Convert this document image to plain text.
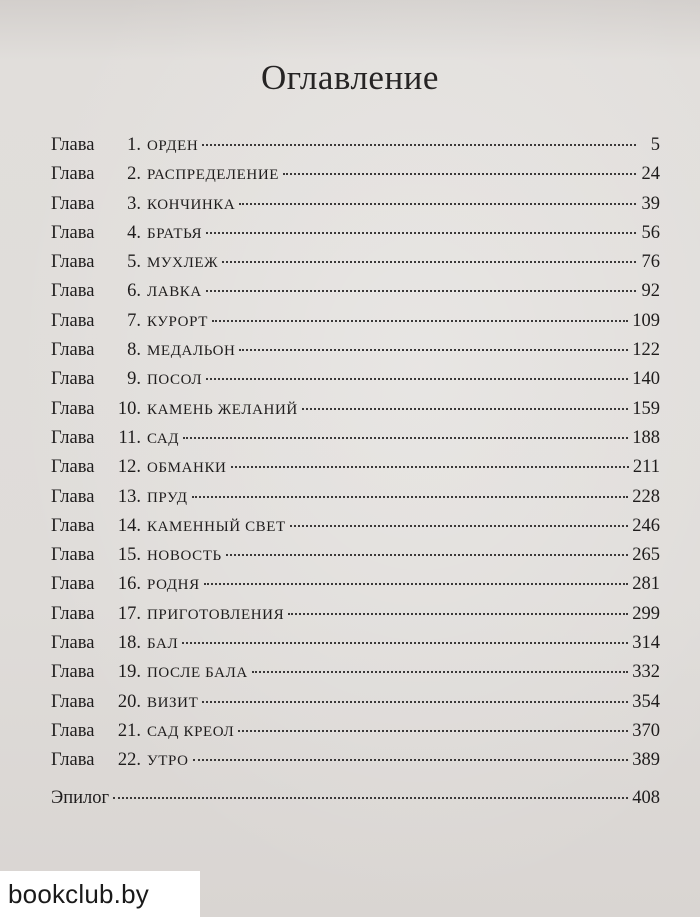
Оглавление
Глава	1. ОРДЕН	5
Глава	2. РАСПРЕДЕЛЕНИЕ	24
Глава	3. КОНЧИНКА	39
Глава	4. БРАТЬЯ	56
Глава	5. МУХЛЕЖ	76
Глава	6. ЛАВКА	92
Глава	7. КУРОРТ	109
Глава	8. МЕДАЛЬОН	122
Глава	9. ПОСОЛ	140
Глава	10. КАМЕНЬ ЖЕЛАНИЙ	159
Глава	11. САД	188
Глава	12. ОБМАНКИ	211
Глава	13. ПРУД	228
Глава	14. КАМЕННЫЙ СВЕТ	246
Глава	15. НОВОСТЬ	265
Глава	16. РОДНЯ	281
Глава	17. ПРИГОТОВЛЕНИЯ	299
Глава	18. БАЛ	314
Глава	19. ПОСЛЕ БАЛА	332
Глава	20. ВИЗИТ	354
Глава	21. САД КРЕОЛ	370
Глава	22. УТРО	389
Эпилог	408
bookclub.by
